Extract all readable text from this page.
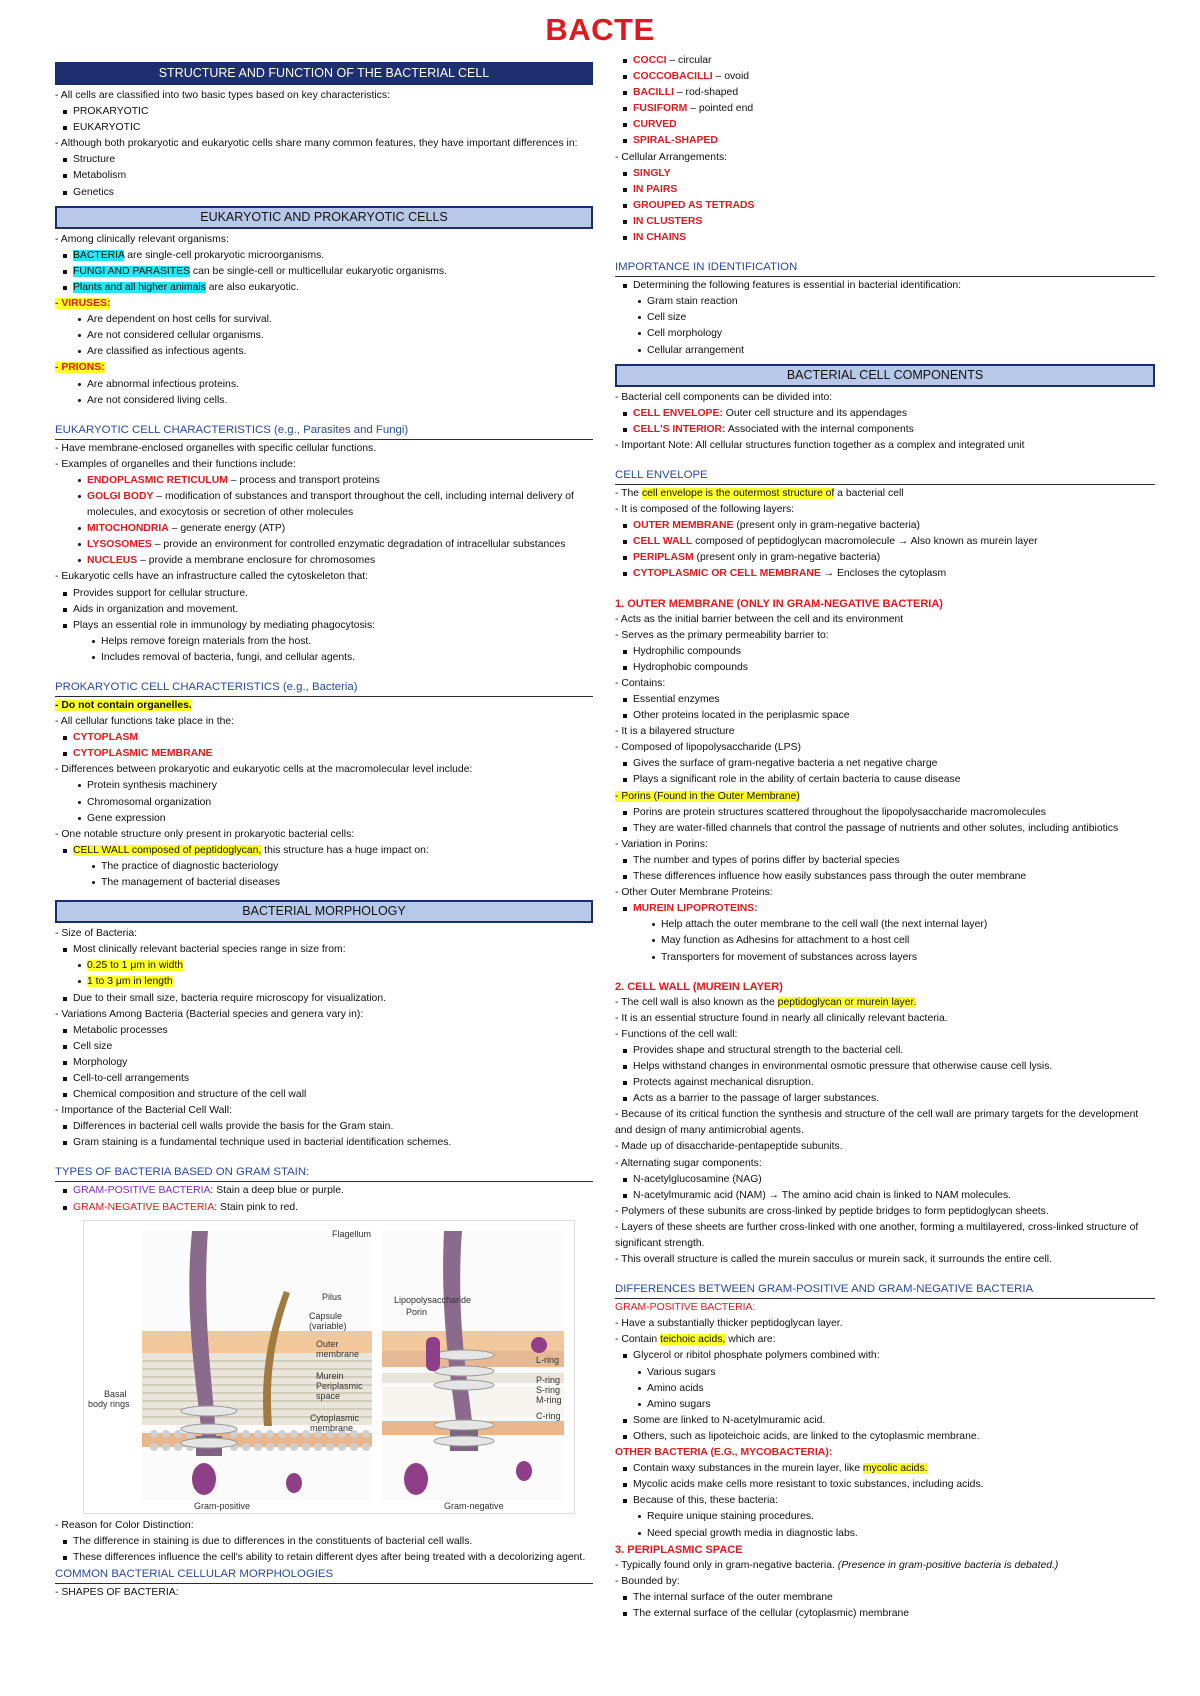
BACTE
STRUCTURE AND FUNCTION OF THE BACTERIAL CELL
- All cells are classified into two basic types based on key characteristics:
PROKARYOTIC
EUKARYOTIC
- Although both prokaryotic and eukaryotic cells share many common features, they have important differences in:
Structure
Metabolism
Genetics
EUKARYOTIC AND PROKARYOTIC CELLS
- Among clinically relevant organisms:
BACTERIA are single-cell prokaryotic microorganisms.
FUNGI AND PARASITES can be single-cell or multicellular eukaryotic organisms.
Plants and all higher animals are also eukaryotic.
- VIRUSES:
Are dependent on host cells for survival.
Are not considered cellular organisms.
Are classified as infectious agents.
- PRIONS:
Are abnormal infectious proteins.
Are not considered living cells.
EUKARYOTIC CELL CHARACTERISTICS (e.g., Parasites and Fungi)
- Have membrane-enclosed organelles with specific cellular functions.
- Examples of organelles and their functions include:
ENDOPLASMIC RETICULUM – process and transport proteins
GOLGI BODY – modification of substances and transport throughout the cell, including internal delivery of molecules, and exocytosis or secretion of other molecules
MITOCHONDRIA – generate energy (ATP)
LYSOSOMES – provide an environment for controlled enzymatic degradation of intracellular substances
NUCLEUS – provide a membrane enclosure for chromosomes
- Eukaryotic cells have an infrastructure called the cytoskeleton that:
Provides support for cellular structure.
Aids in organization and movement.
Plays an essential role in immunology by mediating phagocytosis:
Helps remove foreign materials from the host.
Includes removal of bacteria, fungi, and cellular agents.
PROKARYOTIC CELL CHARACTERISTICS (e.g., Bacteria)
- Do not contain organelles.
- All cellular functions take place in the:
CYTOPLASM
CYTOPLASMIC MEMBRANE
- Differences between prokaryotic and eukaryotic cells at the macromolecular level include:
Protein synthesis machinery
Chromosomal organization
Gene expression
- One notable structure only present in prokaryotic bacterial cells:
CELL WALL composed of peptidoglycan, this structure has a huge impact on:
The practice of diagnostic bacteriology
The management of bacterial diseases
BACTERIAL MORPHOLOGY
- Size of Bacteria:
Most clinically relevant bacterial species range in size from:
0.25 to 1 μm in width
1 to 3 μm in length
Due to their small size, bacteria require microscopy for visualization.
- Variations Among Bacteria (Bacterial species and genera vary in):
Metabolic processes
Cell size
Morphology
Cell-to-cell arrangements
Chemical composition and structure of the cell wall
- Importance of the Bacterial Cell Wall:
Differences in bacterial cell walls provide the basis for the Gram stain.
Gram staining is a fundamental technique used in bacterial identification schemes.
TYPES OF BACTERIA BASED ON GRAM STAIN:
GRAM-POSITIVE BACTERIA: Stain a deep blue or purple.
GRAM-NEGATIVE BACTERIA: Stain pink to red.
Flagellum
Pilus
Capsule
(variable)
Outer
membrane
Murein
Periplasmic
space
Cytoplasmic
membrane
Basal
body rings
Lipopolysaccharide
Porin
L-ring
P-ring
S-ring
M-ring
C-ring
Gram-positive	Gram-negative
- Reason for Color Distinction:
The difference in staining is due to differences in the constituents of bacterial cell walls.
These differences influence the cell's ability to retain different dyes after being treated with a decolorizing agent.
COMMON BACTERIAL CELLULAR MORPHOLOGIES
- SHAPES OF BACTERIA:
COCCI – circular
COCCOBACILLI – ovoid
BACILLI – rod-shaped
FUSIFORM – pointed end
CURVED
SPIRAL-SHAPED
- Cellular Arrangements:
SINGLY
IN PAIRS
GROUPED AS TETRADS
IN CLUSTERS
IN CHAINS
IMPORTANCE IN IDENTIFICATION
Determining the following features is essential in bacterial identification:
Gram stain reaction
Cell size
Cell morphology
Cellular arrangement
BACTERIAL CELL COMPONENTS
- Bacterial cell components can be divided into:
CELL ENVELOPE: Outer cell structure and its appendages
CELL'S INTERIOR: Associated with the internal components
- Important Note: All cellular structures function together as a complex and integrated unit
CELL ENVELOPE
- The cell envelope is the outermost structure of a bacterial cell
- It is composed of the following layers:
OUTER MEMBRANE (present only in gram-negative bacteria)
CELL WALL composed of peptidoglycan macromolecule → Also known as murein layer
PERIPLASM (present only in gram-negative bacteria)
CYTOPLASMIC OR CELL MEMBRANE → Encloses the cytoplasm
1. OUTER MEMBRANE (ONLY IN GRAM-NEGATIVE BACTERIA)
- Acts as the initial barrier between the cell and its environment
- Serves as the primary permeability barrier to:
Hydrophilic compounds
Hydrophobic compounds
- Contains:
Essential enzymes
Other proteins located in the periplasmic space
- It is a bilayered structure
- Composed of lipopolysaccharide (LPS)
Gives the surface of gram-negative bacteria a net negative charge
Plays a significant role in the ability of certain bacteria to cause disease
- Porins (Found in the Outer Membrane)
Porins are protein structures scattered throughout the lipopolysaccharide macromolecules
They are water-filled channels that control the passage of nutrients and other solutes, including antibiotics
- Variation in Porins:
The number and types of porins differ by bacterial species
These differences influence how easily substances pass through the outer membrane
- Other Outer Membrane Proteins:
MUREIN LIPOPROTEINS:
Help attach the outer membrane to the cell wall (the next internal layer)
May function as Adhesins for attachment to a host cell
Transporters for movement of substances across layers
2. CELL WALL (MUREIN LAYER)
- The cell wall is also known as the peptidoglycan or murein layer.
- It is an essential structure found in nearly all clinically relevant bacteria.
- Functions of the cell wall:
Provides shape and structural strength to the bacterial cell.
Helps withstand changes in environmental osmotic pressure that otherwise cause cell lysis.
Protects against mechanical disruption.
Acts as a barrier to the passage of larger substances.
- Because of its critical function the synthesis and structure of the cell wall are primary targets for the development and design of many antimicrobial agents.
- Made up of disaccharide-pentapeptide subunits.
- Alternating sugar components:
N-acetylglucosamine (NAG)
N-acetylmuramic acid (NAM) → The amino acid chain is linked to NAM molecules.
- Polymers of these subunits are cross-linked by peptide bridges to form peptidoglycan sheets.
- Layers of these sheets are further cross-linked with one another, forming a multilayered, cross-linked structure of significant strength.
- This overall structure is called the murein sacculus or murein sack, it surrounds the entire cell.
DIFFERENCES BETWEEN GRAM-POSITIVE AND GRAM-NEGATIVE BACTERIA
GRAM-POSITIVE BACTERIA:
- Have a substantially thicker peptidoglycan layer.
- Contain teichoic acids, which are:
Glycerol or ribitol phosphate polymers combined with:
Various sugars
Amino acids
Amino sugars
Some are linked to N-acetylmuramic acid.
Others, such as lipoteichoic acids, are linked to the cytoplasmic membrane.
OTHER BACTERIA (E.G., MYCOBACTERIA):
Contain waxy substances in the murein layer, like mycolic acids.
Mycolic acids make cells more resistant to toxic substances, including acids.
Because of this, these bacteria:
Require unique staining procedures.
Need special growth media in diagnostic labs.
3. PERIPLASMIC SPACE
- Typically found only in gram-negative bacteria. (Presence in gram-positive bacteria is debated.)
- Bounded by:
The internal surface of the outer membrane
The external surface of the cellular (cytoplasmic) membrane
